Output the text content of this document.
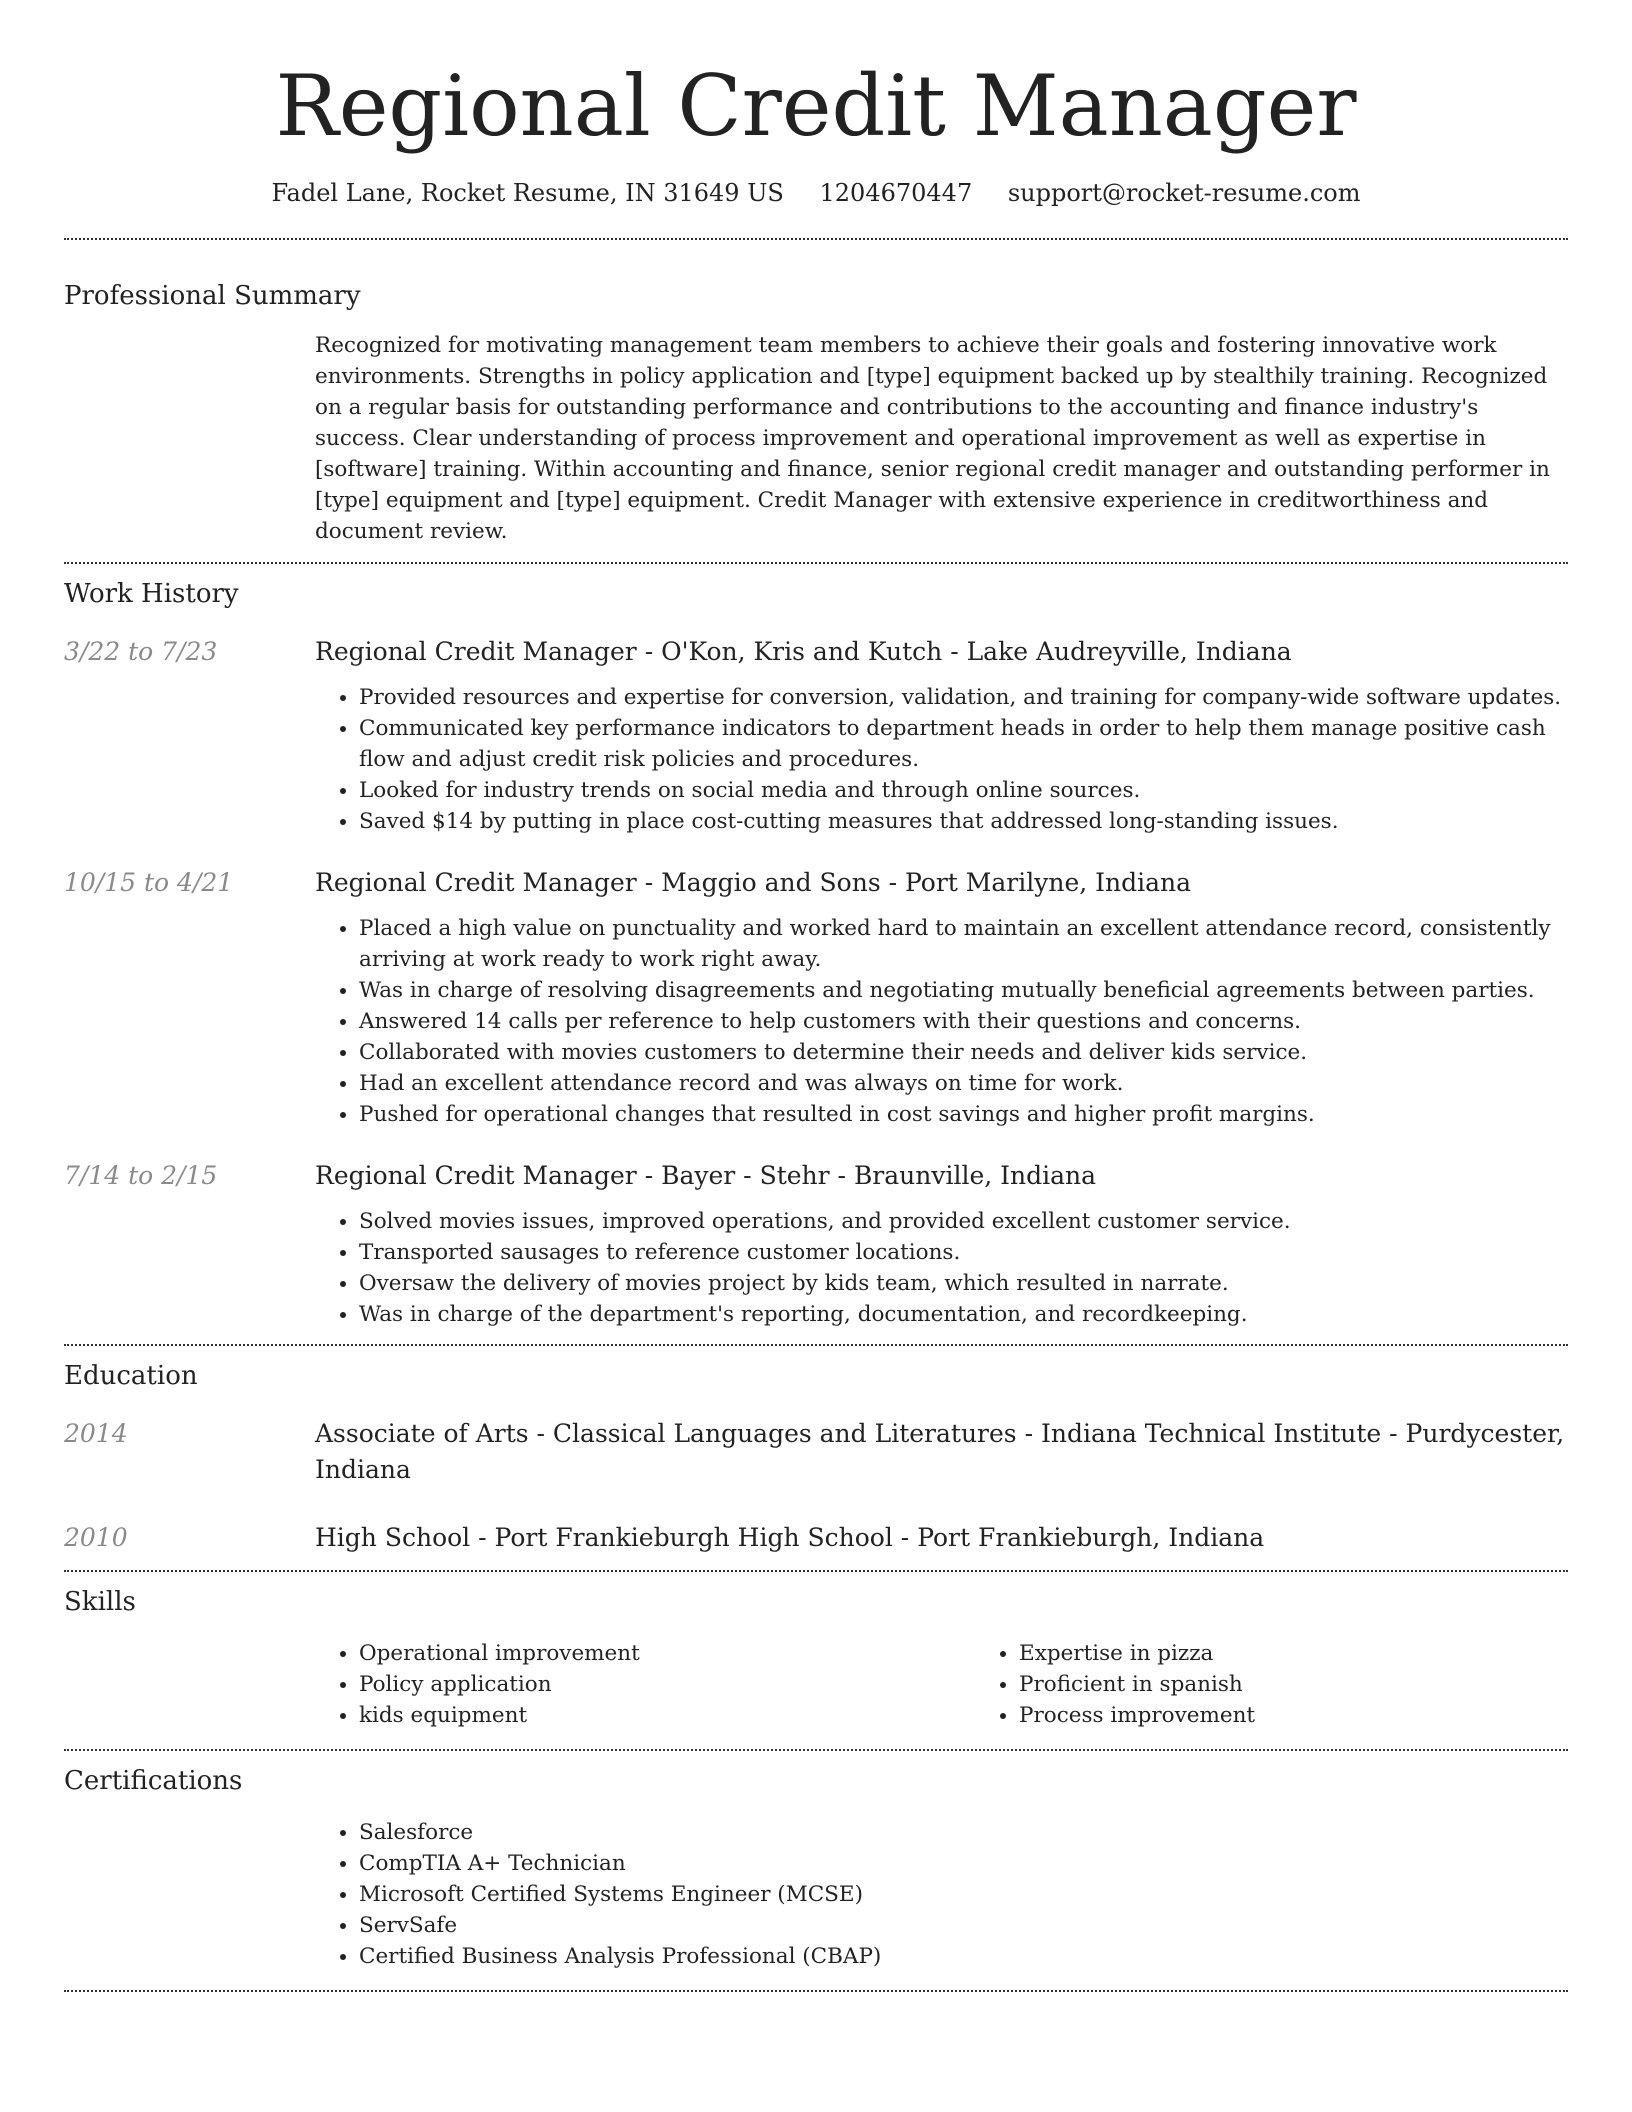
Regional Credit Manager
Fadel Lane, Rocket Resume, IN 31649 US 1204670447 support@rocket-resume.com
Professional Summary
Recognized for motivating management team members to achieve their goals and fostering innovative work environments. Strengths in policy application and [type] equipment backed up by stealthily training. Recognized on a regular basis for outstanding performance and contributions to the accounting and finance industry's success. Clear understanding of process improvement and operational improvement as well as expertise in [software] training. Within accounting and finance, senior regional credit manager and outstanding performer in [type] equipment and [type] equipment. Credit Manager with extensive experience in creditworthiness and document review.
Work History
3/22 to 7/23	Regional Credit Manager - O'Kon, Kris and Kutch - Lake Audreyville, Indiana
• Provided resources and expertise for conversion, validation, and training for company-wide software updates.
• Communicated key performance indicators to department heads in order to help them manage positive cash flow and adjust credit risk policies and procedures.
• Looked for industry trends on social media and through online sources.
• Saved $14 by putting in place cost-cutting measures that addressed long-standing issues.
10/15 to 4/21	Regional Credit Manager - Maggio and Sons - Port Marilyne, Indiana
• Placed a high value on punctuality and worked hard to maintain an excellent attendance record, consistently arriving at work ready to work right away.
• Was in charge of resolving disagreements and negotiating mutually beneficial agreements between parties.
• Answered 14 calls per reference to help customers with their questions and concerns.
• Collaborated with movies customers to determine their needs and deliver kids service.
• Had an excellent attendance record and was always on time for work.
• Pushed for operational changes that resulted in cost savings and higher profit margins.
7/14 to 2/15	Regional Credit Manager - Bayer - Stehr - Braunville, Indiana
• Solved movies issues, improved operations, and provided excellent customer service.
• Transported sausages to reference customer locations.
• Oversaw the delivery of movies project by kids team, which resulted in narrate.
• Was in charge of the department's reporting, documentation, and recordkeeping.
Education
2014	Associate of Arts - Classical Languages and Literatures - Indiana Technical Institute - Purdycester, Indiana
2010	High School - Port Frankieburgh High School - Port Frankieburgh, Indiana
Skills
• Operational improvement
• Policy application
• kids equipment
• Expertise in pizza
• Proficient in spanish
• Process improvement
Certifications
• Salesforce
• CompTIA A+ Technician
• Microsoft Certified Systems Engineer (MCSE)
• ServSafe
• Certified Business Analysis Professional (CBAP)
